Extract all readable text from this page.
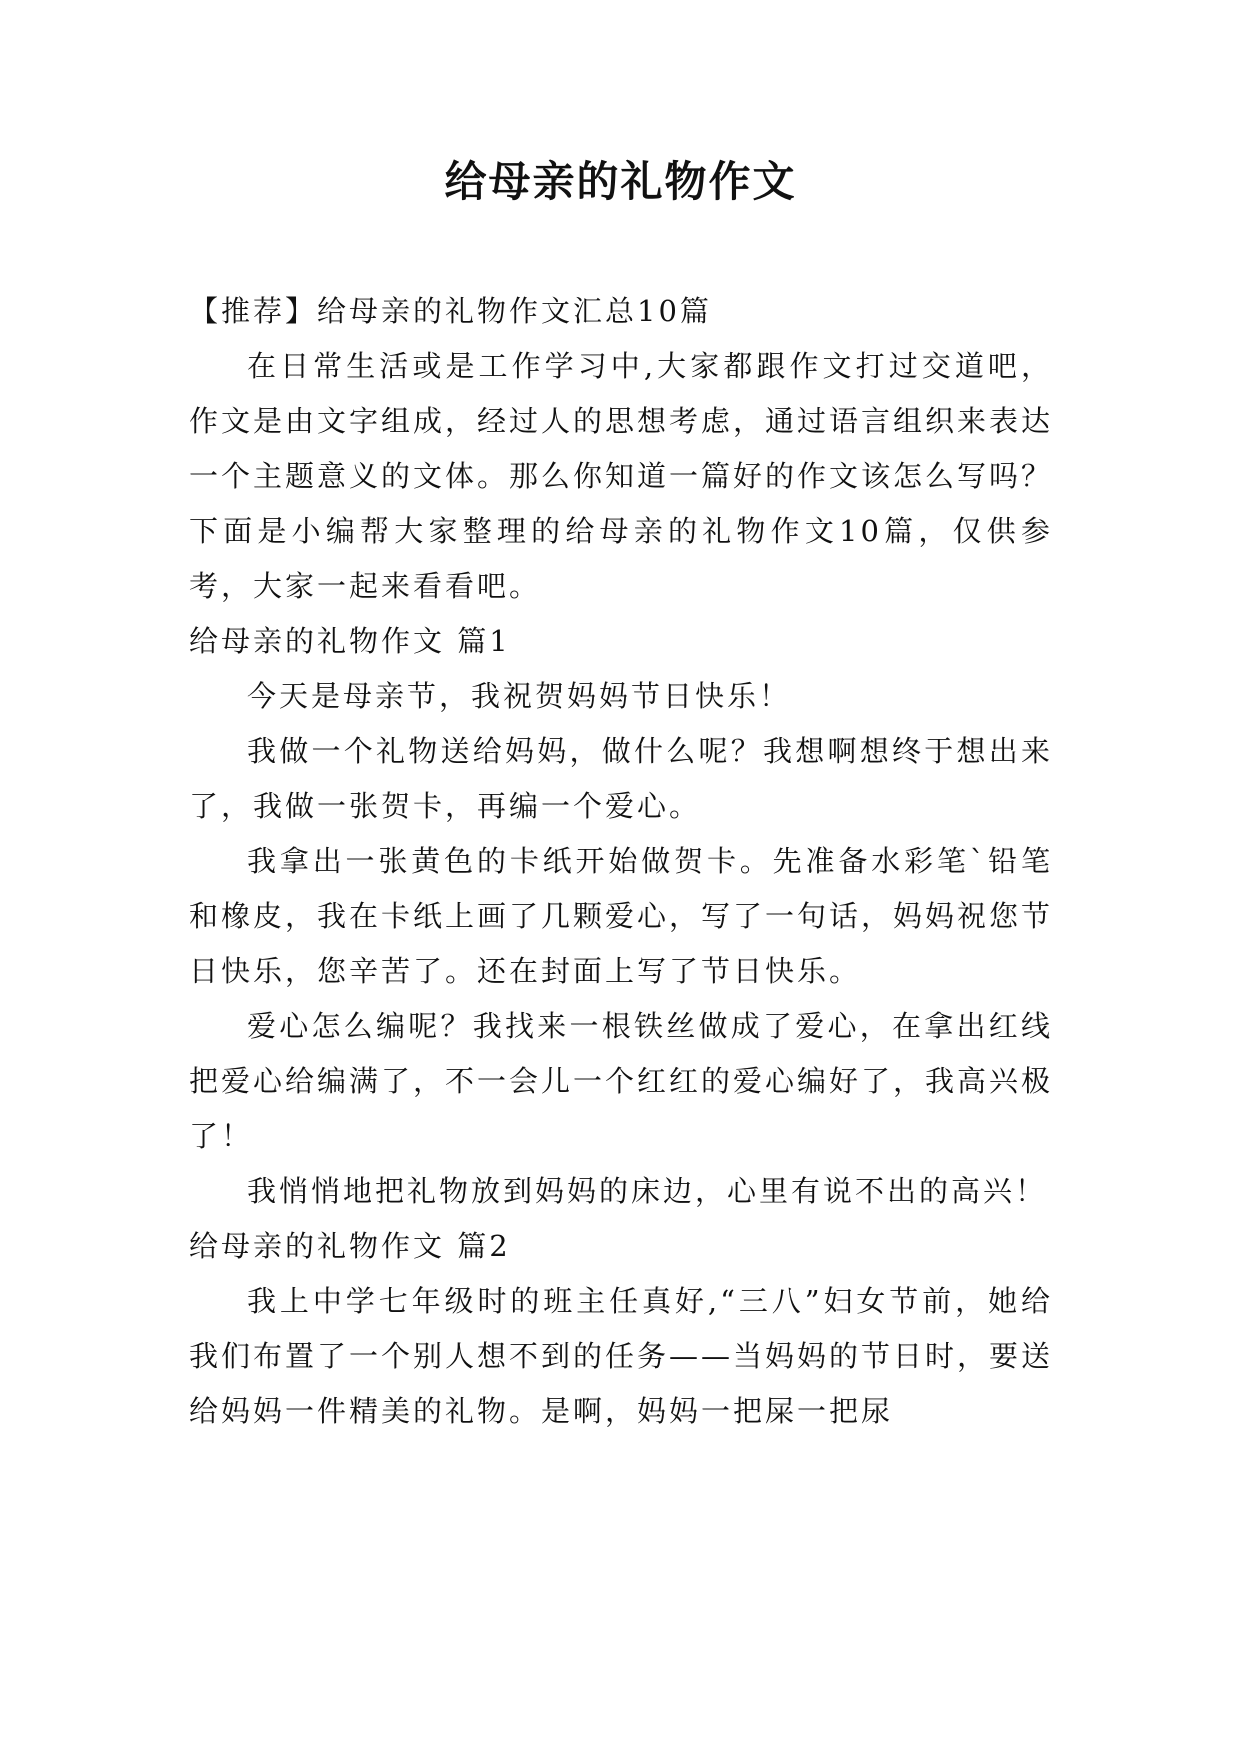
给母亲的礼物作文

【推荐】给母亲的礼物作文汇总10篇

在日常生活或是工作学习中,大家都跟作文打过交道吧，作文是由文字组成，经过人的思想考虑，通过语言组织来表达一个主题意义的文体。那么你知道一篇好的作文该怎么写吗？下面是小编帮大家整理的给母亲的礼物作文10篇，仅供参考，大家一起来看看吧。

给母亲的礼物作文 篇1

今天是母亲节，我祝贺妈妈节日快乐！

我做一个礼物送给妈妈，做什么呢？我想啊想终于想出来了，我做一张贺卡，再编一个爱心。

我拿出一张黄色的卡纸开始做贺卡。先准备水彩笔`铅笔和橡皮，我在卡纸上画了几颗爱心，写了一句话，妈妈祝您节日快乐，您辛苦了。还在封面上写了节日快乐。

爱心怎么编呢？我找来一根铁丝做成了爱心，在拿出红线把爱心给编满了，不一会儿一个红红的爱心编好了，我高兴极了！

我悄悄地把礼物放到妈妈的床边，心里有说不出的高兴！

给母亲的礼物作文 篇2

我上中学七年级时的班主任真好,“三八”妇女节前，她给我们布置了一个别人想不到的任务——当妈妈的节日时，要送给妈妈一件精美的礼物。是啊，妈妈一把屎一把尿
